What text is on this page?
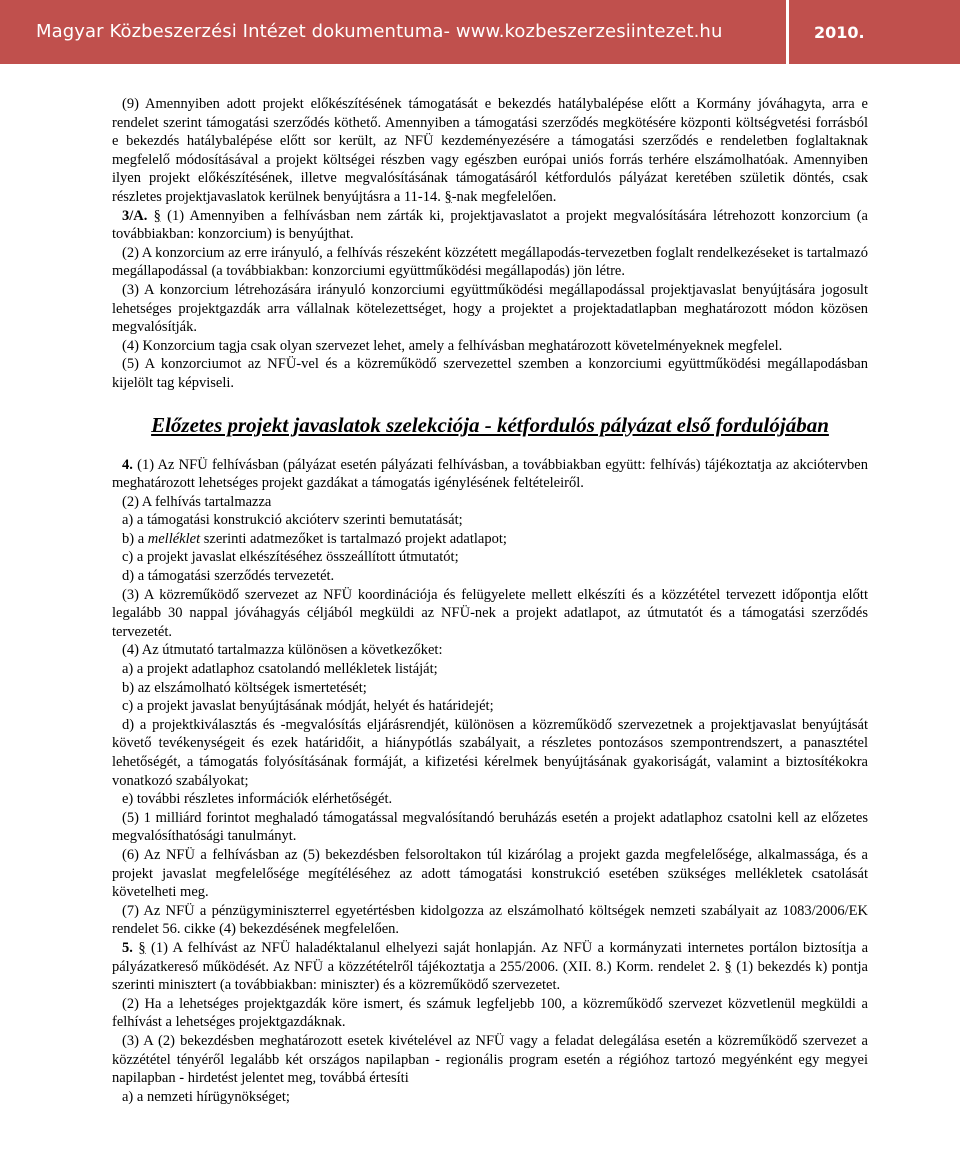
Magyar Közbeszerzési Intézet dokumentuma- www.kozbeszerzesiintezet.hu	2010.

(9) Amennyiben adott projekt előkészítésének támogatását e bekezdés hatálybalépése előtt a Kormány jóváhagyta, arra e rendelet szerint támogatási szerződés köthető. Amennyiben a támogatási szerződés megkötésére központi költségvetési forrásból e bekezdés hatálybalépése előtt sor került, az NFÜ kezdeményezésére a támogatási szerződés e rendeletben foglaltaknak megfelelő módosításával a projekt költségei részben vagy egészben európai uniós forrás terhére elszámolhatóak. Amennyiben ilyen projekt előkészítésének, illetve megvalósításának támogatásáról kétfordulós pályázat keretében születik döntés, csak részletes projektjavaslatok kerülnek benyújtásra a 11-14. §-nak megfelelően.

3/A. § (1) Amennyiben a felhívásban nem zárták ki, projektjavaslatot a projekt megvalósítására létrehozott konzorcium (a továbbiakban: konzorcium) is benyújthat.

(2) A konzorcium az erre irányuló, a felhívás részeként közzétett megállapodás-tervezetben foglalt rendelkezéseket is tartalmazó megállapodással (a továbbiakban: konzorciumi együttműködési megállapodás) jön létre.

(3) A konzorcium létrehozására irányuló konzorciumi együttműködési megállapodással projektjavaslat benyújtására jogosult lehetséges projektgazdák arra vállalnak kötelezettséget, hogy a projektet a projektadatlapban meghatározott módon közösen megvalósítják.

(4) Konzorcium tagja csak olyan szervezet lehet, amely a felhívásban meghatározott követelményeknek megfelel.

(5) A konzorciumot az NFÜ-vel és a közreműködő szervezettel szemben a konzorciumi együttműködési megállapodásban kijelölt tag képviseli.

Előzetes projekt javaslatok szelekciója - kétfordulós pályázat első fordulójában

4. (1) Az NFÜ felhívásban (pályázat esetén pályázati felhívásban, a továbbiakban együtt: felhívás) tájékoztatja az akciótervben meghatározott lehetséges projekt gazdákat a támogatás igénylésének feltételeiről.

(2) A felhívás tartalmazza

a) a támogatási konstrukció akcióterv szerinti bemutatását;

b) a melléklet szerinti adatmezőket is tartalmazó projekt adatlapot;

c) a projekt javaslat elkészítéséhez összeállított útmutatót;

d) a támogatási szerződés tervezetét.

(3) A közreműködő szervezet az NFÜ koordinációja és felügyelete mellett elkészíti és a közzététel tervezett időpontja előtt legalább 30 nappal jóváhagyás céljából megküldi az NFÜ-nek a projekt adatlapot, az útmutatót és a támogatási szerződés tervezetét.

(4) Az útmutató tartalmazza különösen a következőket:

a) a projekt adatlaphoz csatolandó mellékletek listáját;

b) az elszámolható költségek ismertetését;

c) a projekt javaslat benyújtásának módját, helyét és határidejét;

d) a projektkiválasztás és -megvalósítás eljárásrendjét, különösen a közreműködő szervezetnek a projektjavaslat benyújtását követő tevékenységeit és ezek határidőit, a hiánypótlás szabályait, a részletes pontozásos szempontrendszert, a panasztétel lehetőségét, a támogatás folyósításának formáját, a kifizetési kérelmek benyújtásának gyakoriságát, valamint a biztosítékokra vonatkozó szabályokat;

e) további részletes információk elérhetőségét.

(5) 1 milliárd forintot meghaladó támogatással megvalósítandó beruházás esetén a projekt adatlaphoz csatolni kell az előzetes megvalósíthatósági tanulmányt.

(6) Az NFÜ a felhívásban az (5) bekezdésben felsoroltakon túl kizárólag a projekt gazda megfelelősége, alkalmassága, és a projekt javaslat megfelelősége megítéléséhez az adott támogatási konstrukció esetében szükséges mellékletek csatolását követelheti meg.

(7) Az NFÜ a pénzügyminiszterrel egyetértésben kidolgozza az elszámolható költségek nemzeti szabályait az 1083/2006/EK rendelet 56. cikke (4) bekezdésének megfelelően.

5. § (1) A felhívást az NFÜ haladéktalanul elhelyezi saját honlapján. Az NFÜ a kormányzati internetes portálon biztosítja a pályázatkereső működését. Az NFÜ a közzétételről tájékoztatja a 255/2006. (XII. 8.) Korm. rendelet 2. § (1) bekezdés k) pontja szerinti minisztert (a továbbiakban: miniszter) és a közreműködő szervezetet.

(2) Ha a lehetséges projektgazdák köre ismert, és számuk legfeljebb 100, a közreműködő szervezet közvetlenül megküldi a felhívást a lehetséges projektgazdáknak.

(3) A (2) bekezdésben meghatározott esetek kivételével az NFÜ vagy a feladat delegálása esetén a közreműködő szervezet a közzététel tényéről legalább két országos napilapban - regionális program esetén a régióhoz tartozó megyénként egy megyei napilapban - hirdetést jelentet meg, továbbá értesíti

a) a nemzeti hírügynökséget;
